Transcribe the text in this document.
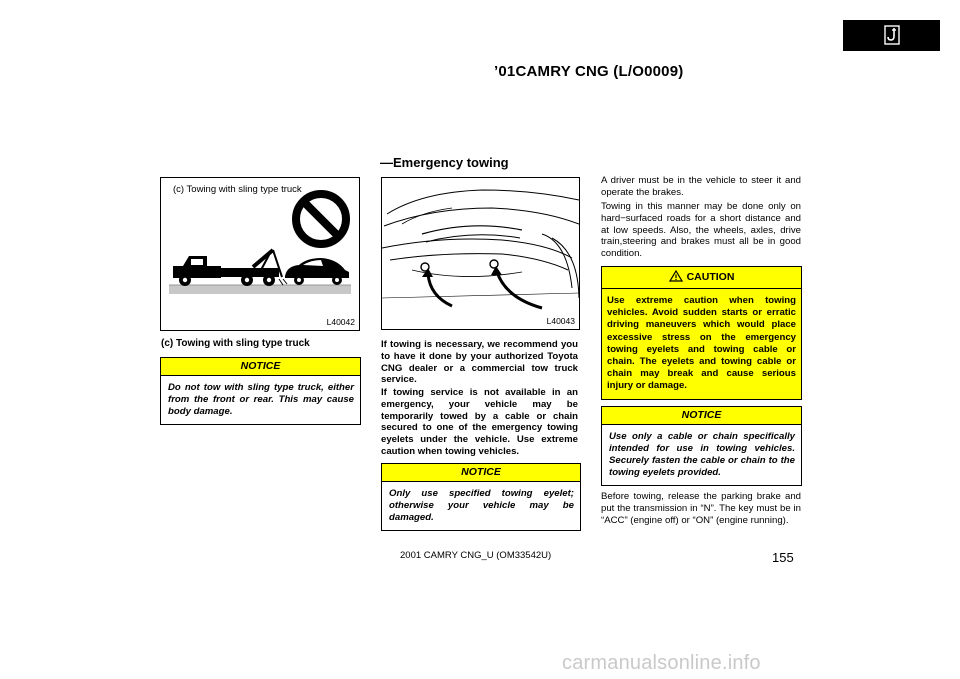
’01CAMRY CNG (L/O0009)
—Emergency towing
(c) Towing with sling type truck
L40042
(c) Towing with sling type truck
NOTICE
Do not tow with sling type truck, either from the front or rear. This may cause body damage.
L40043
If towing is necessary, we recommend you to have it done by your authorized Toyota CNG dealer or a commercial tow truck service.
If towing service is not available in an emergency, your vehicle may be temporarily towed by a cable or chain secured to one of the emergency towing eyelets under the vehicle. Use extreme caution when towing vehicles.
NOTICE
Only use specified towing eyelet; otherwise your vehicle may be damaged.
A driver must be in the vehicle to steer it and operate the brakes.
Towing in this manner may be done only on hard−surfaced roads for a short distance and at low speeds. Also, the wheels, axles, drive train,steering and brakes must all be in good condition.
CAUTION
Use extreme caution when towing vehicles. Avoid sudden starts or erratic driving maneuvers which would place excessive stress on the emergency towing eyelets and towing cable or chain. The eyelets and towing cable or chain may break and cause serious injury or damage.
NOTICE
Use only a cable or chain specifically intended for use in towing vehicles. Securely fasten the cable or chain to the towing eyelets provided.
Before towing, release the parking brake and put the transmission in “N”. The key must be in “ACC” (engine off) or “ON” (engine running).
155
2001 CAMRY CNG_U (OM33542U)
carmanualsonline.info
